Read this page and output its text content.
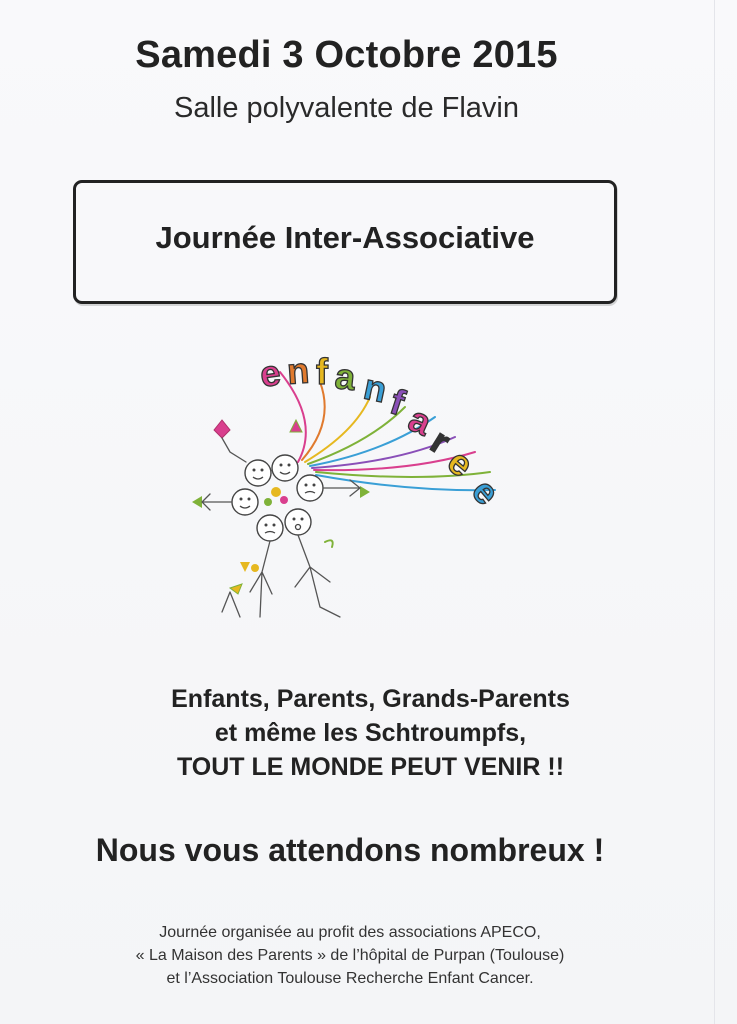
Samedi 3 Octobre 2015
Salle polyvalente de Flavin
Journée Inter-Associative
e n f a n
f
a
r
e
e
Enfants, Parents, Grands-Parents
et même les Schtroumpfs,
TOUT LE MONDE PEUT VENIR !!
Nous vous attendons nombreux !
Journée organisée au profit des associations APECO,
« La Maison des Parents » de l’hôpital de Purpan (Toulouse)
et l’Association Toulouse Recherche Enfant Cancer.
